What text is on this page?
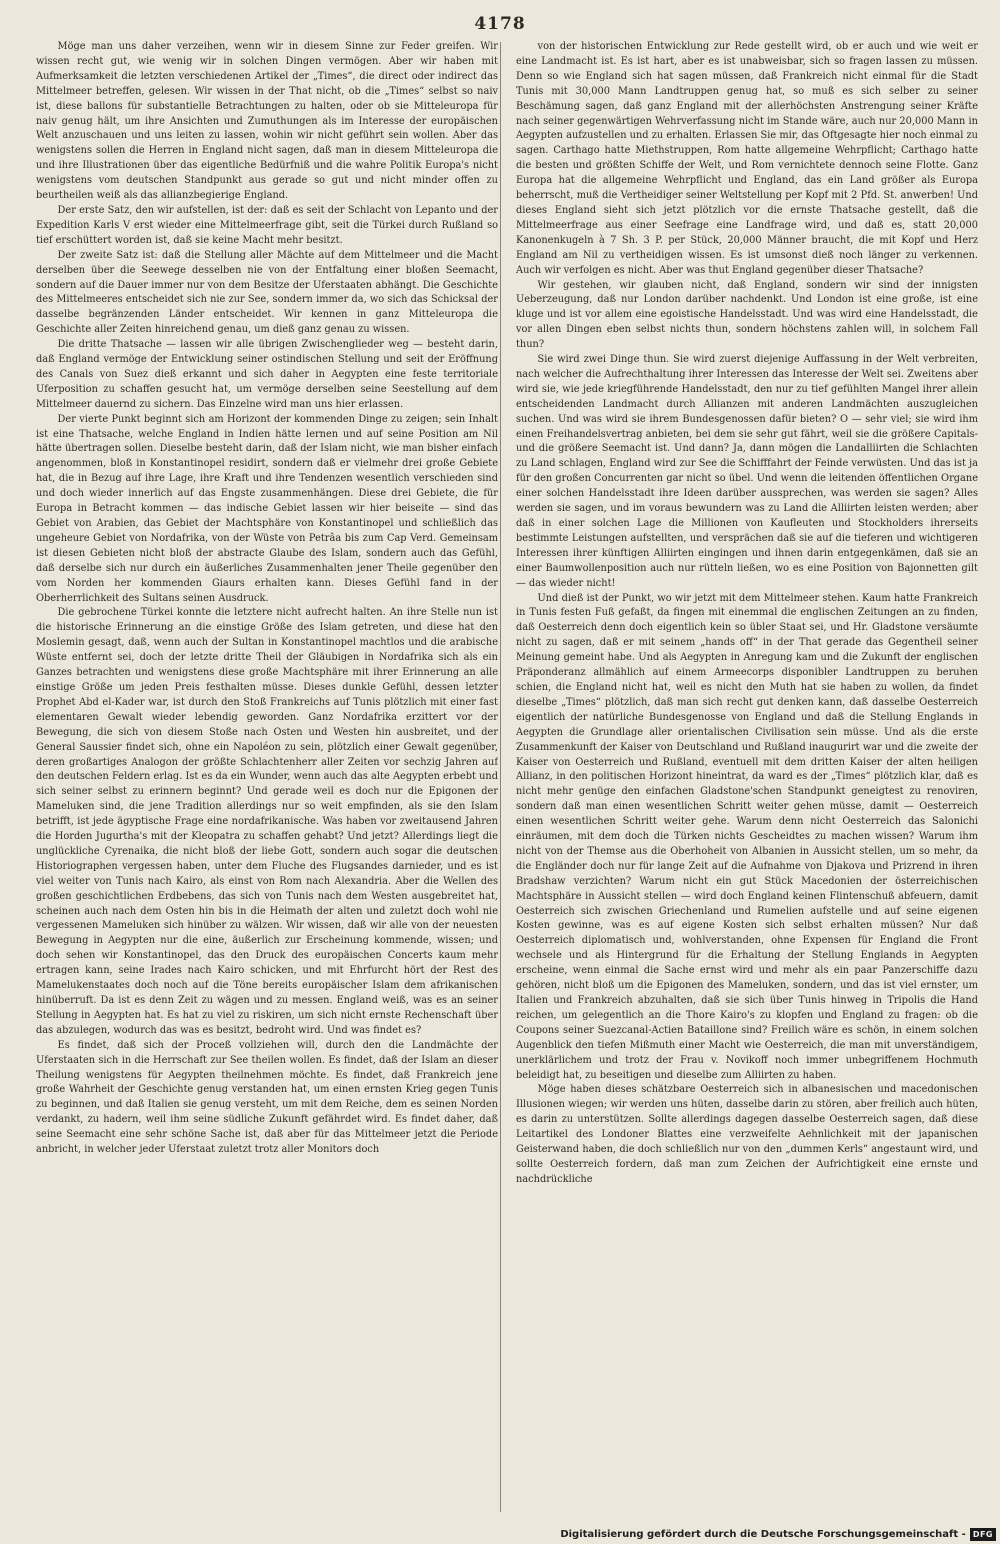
4178

Möge man uns daher verzeihen, wenn wir in diesem Sinne zur Feder greifen. Wir wissen recht gut, wie wenig wir in solchen Dingen vermögen. Aber wir haben mit Aufmerksamkeit die letzten verschiedenen Artikel der „Times“, die direct oder indirect das Mittelmeer betreffen, gelesen. Wir wissen in der That nicht, ob die „Times“ selbst so naiv ist, diese ballons für substantielle Betrachtungen zu halten, oder ob sie Mitteleuropa für naiv genug hält, um ihre Ansichten und Zumuthungen als im Interesse der europäischen Welt anzuschauen und uns leiten zu lassen, wohin wir nicht geführt sein wollen. Aber das wenigstens sollen die Herren in England nicht sagen, daß man in diesem Mitteleuropa die und ihre Illustrationen über das eigentliche Bedürfniß und die wahre Politik Europa's nicht wenigstens vom deutschen Standpunkt aus gerade so gut und nicht minder offen zu beurtheilen weiß als das allianzbegierige England.

Der erste Satz, den wir aufstellen, ist der: daß es seit der Schlacht von Lepanto und der Expedition Karls V erst wieder eine Mittelmeerfrage gibt, seit die Türkei durch Rußland so tief erschüttert worden ist, daß sie keine Macht mehr besitzt.

Der zweite Satz ist: daß die Stellung aller Mächte auf dem Mittelmeer und die Macht derselben über die Seewege desselben nie von der Entfaltung einer bloßen Seemacht, sondern auf die Dauer immer nur von dem Besitze der Uferstaaten abhängt. Die Geschichte des Mittelmeeres entscheidet sich nie zur See, sondern immer da, wo sich das Schicksal der dasselbe begränzenden Länder entscheidet. Wir kennen in ganz Mitteleuropa die Geschichte aller Zeiten hinreichend genau, um dieß ganz genau zu wissen.

Die dritte Thatsache — lassen wir alle übrigen Zwischenglieder weg — besteht darin, daß England vermöge der Entwicklung seiner ostindischen Stellung und seit der Eröffnung des Canals von Suez dieß erkannt und sich daher in Aegypten eine feste territoriale Uferposition zu schaffen gesucht hat, um vermöge derselben seine Seestellung auf dem Mittelmeer dauernd zu sichern. Das Einzelne wird man uns hier erlassen.

Der vierte Punkt beginnt sich am Horizont der kommenden Dinge zu zeigen; sein Inhalt ist eine Thatsache, welche England in Indien hätte lernen und auf seine Position am Nil hätte übertragen sollen. Dieselbe besteht darin, daß der Islam nicht, wie man bisher einfach angenommen, bloß in Konstantinopel residirt, sondern daß er vielmehr drei große Gebiete hat, die in Bezug auf ihre Lage, ihre Kraft und ihre Tendenzen wesentlich verschieden sind und doch wieder innerlich auf das Engste zusammenhängen. Diese drei Gebiete, die für Europa in Betracht kommen — das indische Gebiet lassen wir hier beiseite — sind das Gebiet von Arabien, das Gebiet der Machtsphäre von Konstantinopel und schließlich das ungeheure Gebiet von Nordafrika, von der Wüste von Petrâa bis zum Cap Verd. Gemeinsam ist diesen Gebieten nicht bloß der abstracte Glaube des Islam, sondern auch das Gefühl, daß derselbe sich nur durch ein äußerliches Zusammenhalten jener Theile gegenüber den vom Norden her kommenden Giaurs erhalten kann. Dieses Gefühl fand in der Oberherrlichkeit des Sultans seinen Ausdruck.

Die gebrochene Türkei konnte die letztere nicht aufrecht halten. An ihre Stelle nun ist die historische Erinnerung an die einstige Größe des Islam getreten, und diese hat den Moslemin gesagt, daß, wenn auch der Sultan in Konstantinopel machtlos und die arabische Wüste entfernt sei, doch der letzte dritte Theil der Gläubigen in Nordafrika sich als ein Ganzes betrachten und wenigstens diese große Machtsphäre mit ihrer Erinnerung an alle einstige Größe um jeden Preis festhalten müsse. Dieses dunkle Gefühl, dessen letzter Prophet Abd el-Kader war, ist durch den Stoß Frankreichs auf Tunis plötzlich mit einer fast elementaren Gewalt wieder lebendig geworden. Ganz Nordafrika erzittert vor der Bewegung, die sich von diesem Stoße nach Osten und Westen hin ausbreitet, und der General Saussier findet sich, ohne ein Napoléon zu sein, plötzlich einer Gewalt gegenüber, deren großartiges Analogon der größte Schlachtenherr aller Zeiten vor sechzig Jahren auf den deutschen Feldern erlag. Ist es da ein Wunder, wenn auch das alte Aegypten erbebt und sich seiner selbst zu erinnern beginnt? Und gerade weil es doch nur die Epigonen der Mameluken sind, die jene Tradition allerdings nur so weit empfinden, als sie den Islam betrifft, ist jede ägyptische Frage eine nordafrikanische. Was haben vor zweitausend Jahren die Horden Jugurtha's mit der Kleopatra zu schaffen gehabt? Und jetzt? Allerdings liegt die unglückliche Cyrenaika, die nicht bloß der liebe Gott, sondern auch sogar die deutschen Historiographen vergessen haben, unter dem Fluche des Flugsandes darnieder, und es ist viel weiter von Tunis nach Kairo, als einst von Rom nach Alexandria. Aber die Wellen des großen geschichtlichen Erdbebens, das sich von Tunis nach dem Westen ausgebreitet hat, scheinen auch nach dem Osten hin bis in die Heimath der alten und zuletzt doch wohl nie vergessenen Mameluken sich hinüber zu wälzen. Wir wissen, daß wir alle von der neuesten Bewegung in Aegypten nur die eine, äußerlich zur Erscheinung kommende, wissen; und doch sehen wir Konstantinopel, das den Druck des europäischen Concerts kaum mehr ertragen kann, seine Irades nach Kairo schicken, und mit Ehrfurcht hört der Rest des Mamelukenstaates doch noch auf die Töne bereits europäischer Islam dem afrikanischen hinüberruft. Da ist es denn Zeit zu wägen und zu messen. England weiß, was es an seiner Stellung in Aegypten hat. Es hat zu viel zu riskiren, um sich nicht ernste Rechenschaft über das abzulegen, wodurch das was es besitzt, bedroht wird. Und was findet es?

Es findet, daß sich der Proceß vollziehen will, durch den die Landmächte der Uferstaaten sich in die Herrschaft zur See theilen wollen. Es findet, daß der Islam an dieser Theilung wenigstens für Aegypten theilnehmen möchte. Es findet, daß Frankreich jene große Wahrheit der Geschichte genug verstanden hat, um einen ernsten Krieg gegen Tunis zu beginnen, und daß Italien sie genug versteht, um mit dem Reiche, dem es seinen Norden verdankt, zu hadern, weil ihm seine südliche Zukunft gefährdet wird. Es findet daher, daß seine Seemacht eine sehr schöne Sache ist, daß aber für das Mittelmeer jetzt die Periode anbricht, in welcher jeder Uferstaat zuletzt trotz aller Monitors doch

von der historischen Entwicklung zur Rede gestellt wird, ob er auch und wie weit er eine Landmacht ist. Es ist hart, aber es ist unabweisbar, sich so fragen lassen zu müssen. Denn so wie England sich hat sagen müssen, daß Frankreich nicht einmal für die Stadt Tunis mit 30,000 Mann Landtruppen genug hat, so muß es sich selber zu seiner Beschämung sagen, daß ganz England mit der allerhöchsten Anstrengung seiner Kräfte nach seiner gegenwärtigen Wehrverfassung nicht im Stande wäre, auch nur 20,000 Mann in Aegypten aufzustellen und zu erhalten. Erlassen Sie mir, das Oftgesagte hier noch einmal zu sagen. Carthago hatte Miethstruppen, Rom hatte allgemeine Wehrpflicht; Carthago hatte die besten und größten Schiffe der Welt, und Rom vernichtete dennoch seine Flotte. Ganz Europa hat die allgemeine Wehrpflicht und England, das ein Land größer als Europa beherrscht, muß die Vertheidiger seiner Weltstellung per Kopf mit 2 Pfd. St. anwerben! Und dieses England sieht sich jetzt plötzlich vor die ernste Thatsache gestellt, daß die Mittelmeerfrage aus einer Seefrage eine Landfrage wird, und daß es, statt 20,000 Kanonenkugeln à 7 Sh. 3 P. per Stück, 20,000 Männer braucht, die mit Kopf und Herz England am Nil zu vertheidigen wissen. Es ist umsonst dieß noch länger zu verkennen. Auch wir verfolgen es nicht. Aber was thut England gegenüber dieser Thatsache?

Wir gestehen, wir glauben nicht, daß England, sondern wir sind der innigsten Ueberzeugung, daß nur London darüber nachdenkt. Und London ist eine große, ist eine kluge und ist vor allem eine egoistische Handelsstadt. Und was wird eine Handelsstadt, die vor allen Dingen eben selbst nichts thun, sondern höchstens zahlen will, in solchem Fall thun?

Sie wird zwei Dinge thun. Sie wird zuerst diejenige Auffassung in der Welt verbreiten, nach welcher die Aufrechthaltung ihrer Interessen das Interesse der Welt sei. Zweitens aber wird sie, wie jede kriegführende Handelsstadt, den nur zu tief gefühlten Mangel ihrer allein entscheidenden Landmacht durch Allianzen mit anderen Landmächten auszugleichen suchen. Und was wird sie ihrem Bundesgenossen dafür bieten? O — sehr viel; sie wird ihm einen Freihandelsvertrag anbieten, bei dem sie sehr gut fährt, weil sie die größere Capitals- und die größere Seemacht ist. Und dann? Ja, dann mögen die Landalliirten die Schlachten zu Land schlagen, England wird zur See die Schifffahrt der Feinde verwüsten. Und das ist ja für den großen Concurrenten gar nicht so übel. Und wenn die leitenden öffentlichen Organe einer solchen Handelsstadt ihre Ideen darüber aussprechen, was werden sie sagen? Alles werden sie sagen, und im voraus bewundern was zu Land die Alliirten leisten werden; aber daß in einer solchen Lage die Millionen von Kaufleuten und Stockholders ihrerseits bestimmte Leistungen aufstellten, und versprächen daß sie auf die tieferen und wichtigeren Interessen ihrer künftigen Alliirten eingingen und ihnen darin entgegenkämen, daß sie an einer Baumwollenposition auch nur rütteln ließen, wo es eine Position von Bajonnetten gilt — das wieder nicht!

Und dieß ist der Punkt, wo wir jetzt mit dem Mittelmeer stehen. Kaum hatte Frankreich in Tunis festen Fuß gefaßt, da fingen mit einemmal die englischen Zeitungen an zu finden, daß Oesterreich denn doch eigentlich kein so übler Staat sei, und Hr. Gladstone versäumte nicht zu sagen, daß er mit seinem „hands off“ in der That gerade das Gegentheil seiner Meinung gemeint habe. Und als Aegypten in Anregung kam und die Zukunft der englischen Präponderanz allmählich auf einem Armeecorps disponibler Landtruppen zu beruhen schien, die England nicht hat, weil es nicht den Muth hat sie haben zu wollen, da findet dieselbe „Times“ plötzlich, daß man sich recht gut denken kann, daß dasselbe Oesterreich eigentlich der natürliche Bundesgenosse von England und daß die Stellung Englands in Aegypten die Grundlage aller orientalischen Civilisation sein müsse. Und als die erste Zusammenkunft der Kaiser von Deutschland und Rußland inaugurirt war und die zweite der Kaiser von Oesterreich und Rußland, eventuell mit dem dritten Kaiser der alten heiligen Allianz, in den politischen Horizont hineintrat, da ward es der „Times“ plötzlich klar, daß es nicht mehr genüge den einfachen Gladstone'schen Standpunkt geneigtest zu renoviren, sondern daß man einen wesentlichen Schritt weiter gehen müsse, damit — Oesterreich einen wesentlichen Schritt weiter gehe. Warum denn nicht Oesterreich das Salonichi einräumen, mit dem doch die Türken nichts Gescheidtes zu machen wissen? Warum ihm nicht von der Themse aus die Oberhoheit von Albanien in Aussicht stellen, um so mehr, da die Engländer doch nur für lange Zeit auf die Aufnahme von Djakova und Prizrend in ihren Bradshaw verzichten? Warum nicht ein gut Stück Macedonien der österreichischen Machtsphäre in Aussicht stellen — wird doch England keinen Flintenschuß abfeuern, damit Oesterreich sich zwischen Griechenland und Rumelien aufstelle und auf seine eigenen Kosten gewinne, was es auf eigene Kosten sich selbst erhalten müssen? Nur daß Oesterreich diplomatisch und, wohlverstanden, ohne Expensen für England die Front wechsele und als Hintergrund für die Erhaltung der Stellung Englands in Aegypten erscheine, wenn einmal die Sache ernst wird und mehr als ein paar Panzerschiffe dazu gehören, nicht bloß um die Epigonen des Mameluken, sondern, und das ist viel ernster, um Italien und Frankreich abzuhalten, daß sie sich über Tunis hinweg in Tripolis die Hand reichen, um gelegentlich an die Thore Kairo's zu klopfen und England zu fragen: ob die Coupons seiner Suezcanal-Actien Bataillone sind? Freilich wäre es schön, in einem solchen Augenblick den tiefen Mißmuth einer Macht wie Oesterreich, die man mit unverständigem, unerklärlichem und trotz der Frau v. Novikoff noch immer unbegriffenem Hochmuth beleidigt hat, zu beseitigen und dieselbe zum Alliirten zu haben.

Möge haben dieses schätzbare Oesterreich sich in albanesischen und macedonischen Illusionen wiegen; wir werden uns hüten, dasselbe darin zu stören, aber freilich auch hüten, es darin zu unterstützen. Sollte allerdings dagegen dasselbe Oesterreich sagen, daß diese Leitartikel des Londoner Blattes eine verzweifelte Aehnlichkeit mit der japanischen Geisterwand haben, die doch schließlich nur von den „dummen Kerls“ angestaunt wird, und sollte Oesterreich fordern, daß man zum Zeichen der Aufrichtigkeit eine ernste und nachdrückliche

Digitalisierung gefördert durch die Deutsche Forschungsgemeinschaft - DFG
